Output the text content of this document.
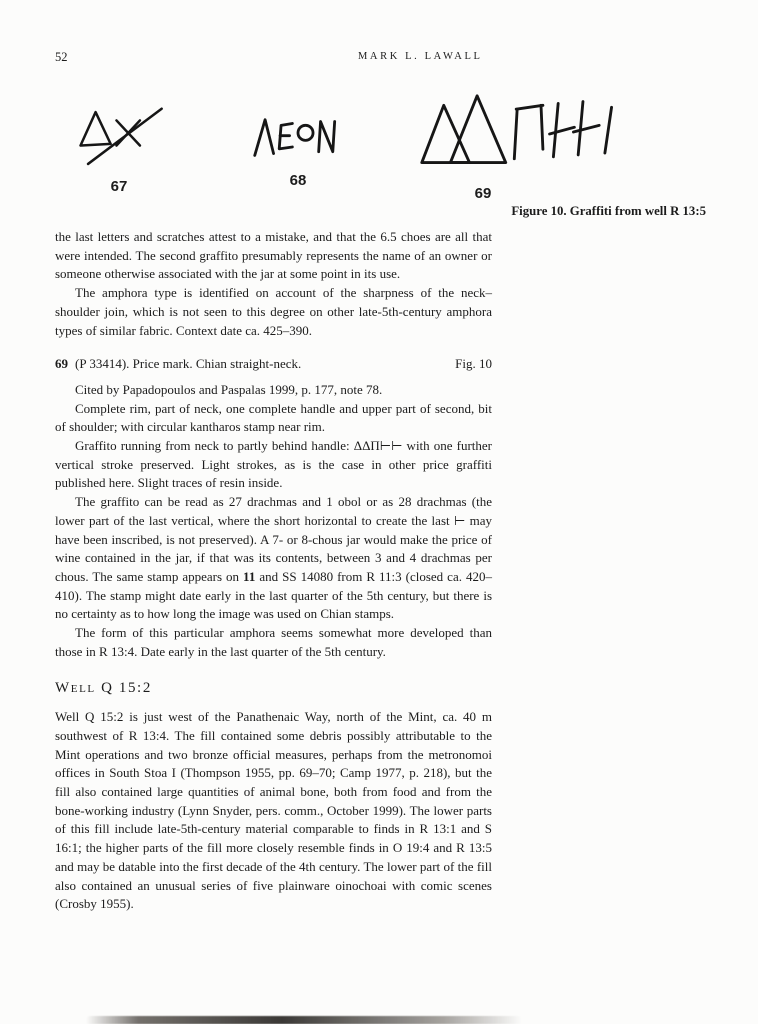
52	MARK L. LAWALL
67	68
69
Figure 10. Graffiti from well R 13:5

the last letters and scratches attest to a mistake, and that the 6.5 choes are all that were intended. The second graffito presumably represents the name of an owner or someone otherwise associated with the jar at some point in its use.

The amphora type is identified on account of the sharpness of the neck–shoulder join, which is not seen to this degree on other late-5th-century amphora types of similar fabric. Context date ca. 425–390.

69 (P 33414). Price mark. Chian straight-neck.	Fig. 10

Cited by Papadopoulos and Paspalas 1999, p. 177, note 78.

Complete rim, part of neck, one complete handle and upper part of second, bit of shoulder; with circular kantharos stamp near rim.

Graffito running from neck to partly behind handle: ΔΔΠ⊢⊢ with one further vertical stroke preserved. Light strokes, as is the case in other price graffiti published here. Slight traces of resin inside.

The graffito can be read as 27 drachmas and 1 obol or as 28 drachmas (the lower part of the last vertical, where the short horizontal to create the last ⊢ may have been inscribed, is not preserved). A 7- or 8-chous jar would make the price of wine contained in the jar, if that was its contents, between 3 and 4 drachmas per chous. The same stamp appears on 11 and SS 14080 from R 11:3 (closed ca. 420–410). The stamp might date early in the last quarter of the 5th century, but there is no certainty as to how long the image was used on Chian stamps.

The form of this particular amphora seems somewhat more developed than those in R 13:4. Date early in the last quarter of the 5th century.

Well Q 15:2

Well Q 15:2 is just west of the Panathenaic Way, north of the Mint, ca. 40 m southwest of R 13:4. The fill contained some debris possibly attributable to the Mint operations and two bronze official measures, perhaps from the metronomoi offices in South Stoa I (Thompson 1955, pp. 69–70; Camp 1977, p. 218), but the fill also contained large quantities of animal bone, both from food and from the bone-working industry (Lynn Snyder, pers. comm., October 1999). The lower parts of this fill include late-5th-century material comparable to finds in R 13:1 and S 16:1; the higher parts of the fill more closely resemble finds in O 19:4 and R 13:5 and may be datable into the first decade of the 4th century. The lower part of the fill also contained an unusual series of five plainware oinochoai with comic scenes (Crosby 1955).
